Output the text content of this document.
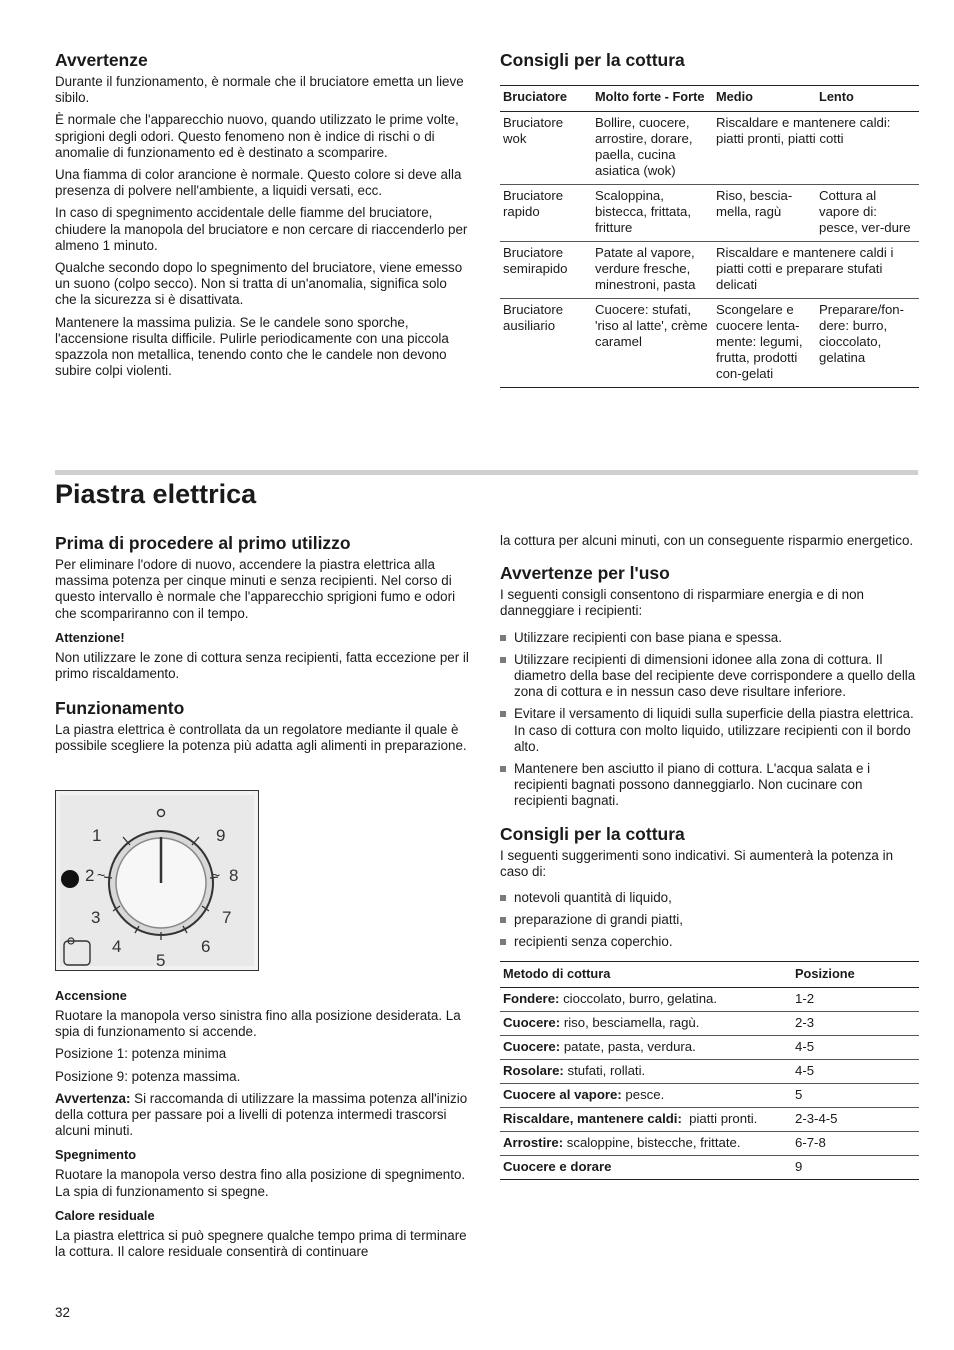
Avvertenze

Durante il funzionamento, è normale che il bruciatore emetta un lieve sibilo.

È normale che l'apparecchio nuovo, quando utilizzato le prime volte, sprigioni degli odori. Questo fenomeno non è indice di rischi o di anomalie di funzionamento ed è destinato a scomparire.

Una fiamma di color arancione è normale. Questo colore si deve alla presenza di polvere nell'ambiente, a liquidi versati, ecc.

In caso di spegnimento accidentale delle fiamme del bruciatore, chiudere la manopola del bruciatore e non cercare di riaccenderlo per almeno 1 minuto.

Qualche secondo dopo lo spegnimento del bruciatore, viene emesso un suono (colpo secco). Non si tratta di un'anomalia, significa solo che la sicurezza si è disattivata.

Mantenere la massima pulizia. Se le candele sono sporche, l'accensione risulta difficile. Pulirle periodicamente con una piccola spazzola non metallica, tenendo conto che le candele non devono subire colpi violenti.

Consigli per la cottura
Bruciatore	Molto forte - Forte	Medio	Lento
Bruciatore wok	Bollire, cuocere, arrostire, dorare, paella, cucina asiatica (wok)	Riscaldare e mantenere caldi: piatti pronti, piatti cotti	
Bruciatore rapido	Scaloppina, bistecca, frittata, fritture	Riso, bescia-mella, ragù	Cottura al vapore di: pesce, ver-dure
Bruciatore semirapido	Patate al vapore, verdure fresche, minestroni, pasta	Riscaldare e mantenere caldi i piatti cotti e preparare stufati delicati	
Bruciatore ausiliario	Cuocere: stufati, 'riso al latte', crème caramel	Scongelare e cuocere lenta-mente: legumi, frutta, prodotti con-gelati	Preparare/fon-dere: burro, cioccolato, gelatina
Piastra elettrica
Prima di procedere al primo utilizzo

Per eliminare l'odore di nuovo, accendere la piastra elettrica alla massima potenza per cinque minuti e senza recipienti. Nel corso di questo intervallo è normale che l'apparecchio sprigioni fumo e odori che scompariranno con il tempo.

Attenzione!

Non utilizzare le zone di cottura senza recipienti, fatta eccezione per il primo riscaldamento.

Funzionamento

La piastra elettrica è controllata da un regolatore mediante il quale è possibile scegliere la potenza più adatta agli alimenti in preparazione.

1
2
3
4
5
6
7
8
9
~	~
Accensione

Ruotare la manopola verso sinistra fino alla posizione desiderata. La spia di funzionamento si accende.

Posizione 1: potenza minima

Posizione 9: potenza massima.

Avvertenza: Si raccomanda di utilizzare la massima potenza all'inizio della cottura per passare poi a livelli di potenza intermedi trascorsi alcuni minuti.

Spegnimento

Ruotare la manopola verso destra fino alla posizione di spegnimento. La spia di funzionamento si spegne.

Calore residuale

La piastra elettrica si può spegnere qualche tempo prima di terminare la cottura. Il calore residuale consentirà di continuare

la cottura per alcuni minuti, con un conseguente risparmio energetico.

Avvertenze per l'uso

I seguenti consigli consentono di risparmiare energia e di non danneggiare i recipienti:

Utilizzare recipienti con base piana e spessa.
Utilizzare recipienti di dimensioni idonee alla zona di cottura. Il diametro della base del recipiente deve corrispondere a quello della zona di cottura e in nessun caso deve risultare inferiore.
Evitare il versamento di liquidi sulla superficie della piastra elettrica. In caso di cottura con molto liquido, utilizzare recipienti con il bordo alto.
Mantenere ben asciutto il piano di cottura. L'acqua salata e i recipienti bagnati possono danneggiarlo. Non cucinare con recipienti bagnati.
Consigli per la cottura

I seguenti suggerimenti sono indicativi. Si aumenterà la potenza in caso di:

notevoli quantità di liquido,
preparazione di grandi piatti,
recipienti senza coperchio.
Metodo di cottura	Posizione
Fondere: cioccolato, burro, gelatina.	1-2
Cuocere: riso, besciamella, ragù.	2-3
Cuocere: patate, pasta, verdura.	4-5
Rosolare: stufati, rollati.	4-5
Cuocere al vapore: pesce.	5
Riscaldare, mantenere caldi:  piatti pronti.	2-3-4-5
Arrostire: scaloppine, bistecche, frittate.	6-7-8
Cuocere e dorare	9
32
